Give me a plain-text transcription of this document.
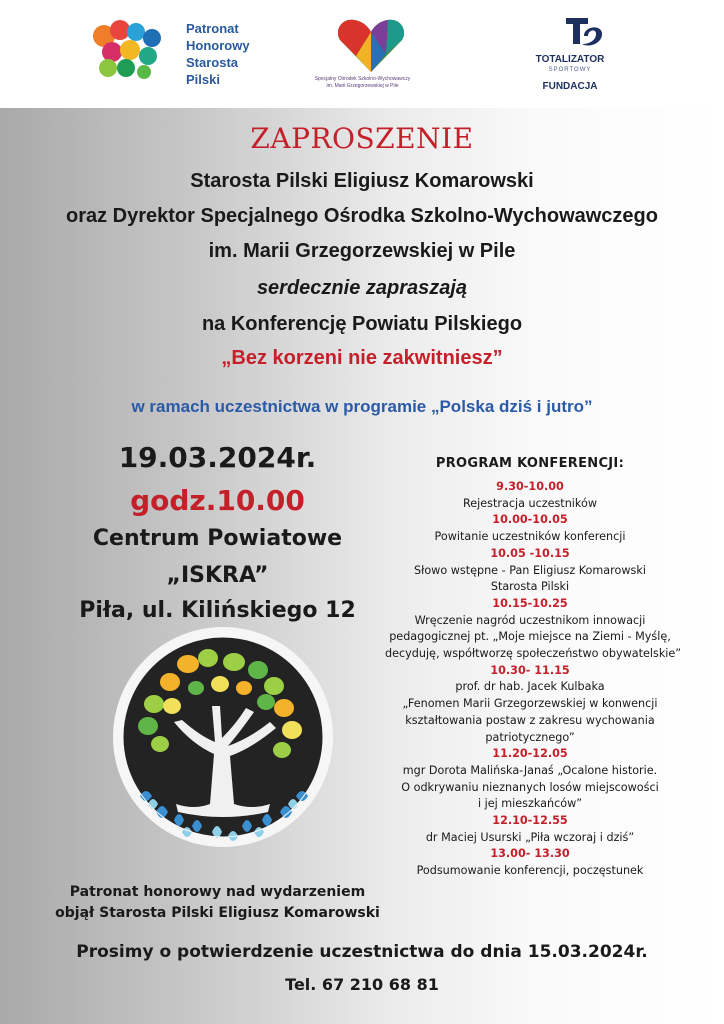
Patronat
Honorowy
Starosta
Pilski	Specjalny Ośrodek Szkolno-Wychowawczy
im. Marii Grzegorzewskiej w Pile
TOTALIZATOR
SPORTOWY
FUNDACJA
ZAPROSZENIE
Starosta Pilski Eligiusz Komarowski
oraz Dyrektor Specjalnego Ośrodka Szkolno-Wychowawczego
im. Marii Grzegorzewskiej w Pile
serdecznie zapraszają
na Konferencję Powiatu Pilskiego
„Bez korzeni nie zakwitniesz”
w ramach uczestnictwa w programie „Polska dziś i jutro”
19.03.2024r.
godz.10.00
Centrum Powiatowe
„ISKRA”
Piła, ul. Kilińskiego 12
Patronat honorowy nad wydarzeniem
objął Starosta Pilski Eligiusz Komarowski
PROGRAM KONFERENCJI:
9.30-10.00
Rejestracja uczestników
10.00-10.05
Powitanie uczestników konferencji
10.05 -10.15
Słowo wstępne - Pan Eligiusz Komarowski
Starosta Pilski
10.15-10.25
Wręczenie nagród uczestnikom innowacji
pedagogicznej pt. „Moje miejsce na Ziemi - Myślę,
decyduję, współtworzę społeczeństwo obywatelskie”
10.30- 11.15
prof. dr hab. Jacek Kulbaka
„Fenomen Marii Grzegorzewskiej w konwencji
kształtowania postaw z zakresu wychowania
patriotycznego”
11.20-12.05
mgr Dorota Malińska-Janaś „Ocalone historie.
O odkrywaniu nieznanych losów miejscowości
i jej mieszkańców”
12.10-12.55
dr Maciej Usurski „Piła wczoraj i dziś”
13.00- 13.30
Podsumowanie konferencji, poczęstunek
Prosimy o potwierdzenie uczestnictwa do dnia 15.03.2024r.
Tel. 67 210 68 81
